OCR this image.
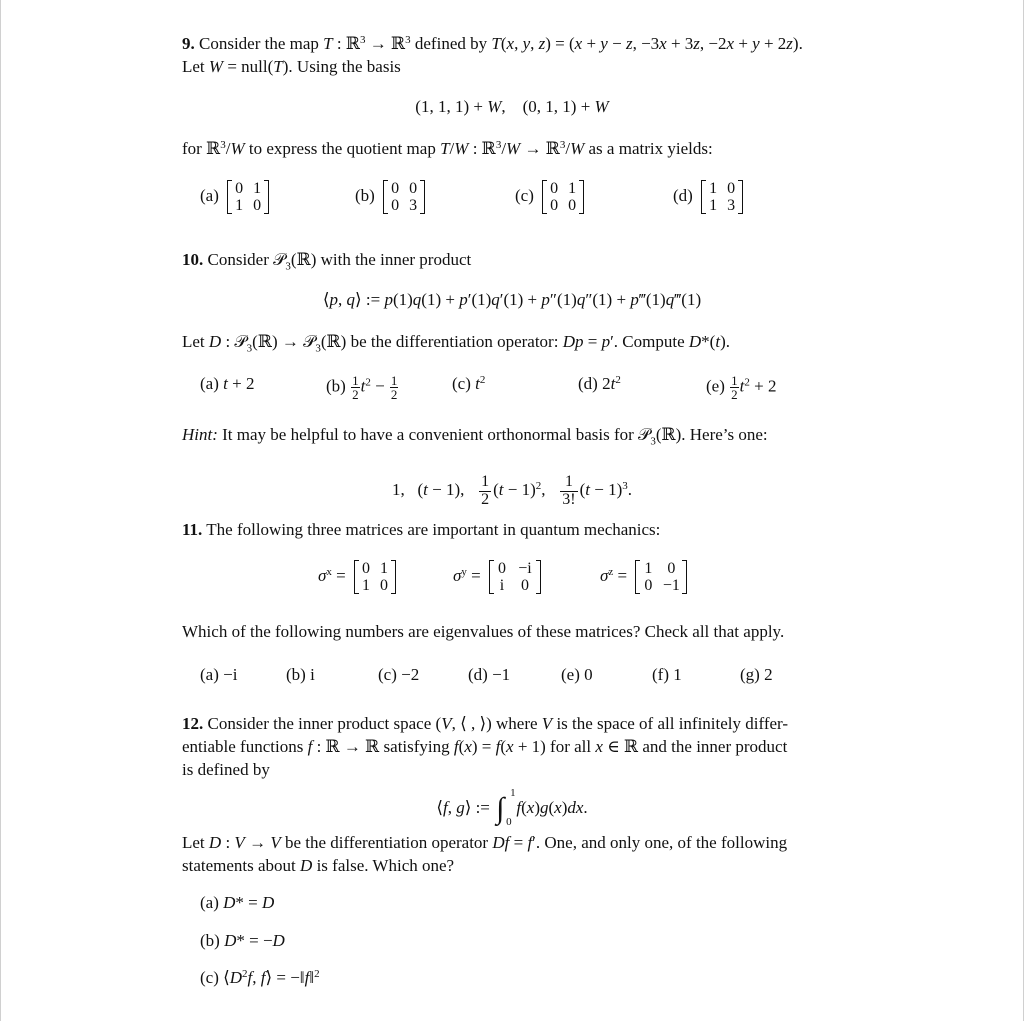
9. Consider the map T : ℝ$^3$ → ℝ$^3$ defined by T(x, y, z) = (x + y − z, −3x + 3z, −2x + y + 2z).
Let W = null(T). Using the basis
(1, 1, 1) + W,    (0, 1, 1) + W
for ℝ$^3$/W to express the quotient map T/W : ℝ$^3$/W → ℝ$^3$/W as a matrix yields:
(a)	0 1
1 0
(b)	0 0
0 3
(c)	0 1
0 0
(d)	1 0
1 3
10. Consider 𝒫$_3$(ℝ) with the inner product
⟨p, q⟩ := p(1)q(1) + p′(1)q′(1) + p″(1)q″(1) + p‴(1)q‴(1)
Let D : 𝒫$_3$(ℝ) → 𝒫$_3$(ℝ) be the differentiation operator: Dp = p′. Compute D*(t).
(a) t + 2	$(b) \frac{1}{2} t^2 - \frac{1}{2}$	(c) $t^2$	(d) $2t^2$	$(e) \frac{1}{2} t^2 + 2$
Hint: It may be helpful to have a convenient orthonormal basis for 𝒫$_3$(ℝ). Here’s one:
1,   (t − 1), $\frac{1}{2} (t - 1)^2$, $\frac{1}{3!} (t - 1)^3$.
11. The following three matrices are important in quantum mechanics:
$\sigma^x = 0$ 1
1 0
$\sigma^y = 0 -i$
i	0
$\sigma^z = 1$ 0
0 −1
Which of the following numbers are eigenvalues of these matrices? Check all that apply.
(a) −i	(b) i	(c) −2	(d) −1	(e) 0	(f) 1	(g) 2
12. Consider the inner product space (V, ⟨ , ⟩) where V is the space of all infinitely differ-
entiable functions f : ℝ → ℝ satisfying f(x) = f(x + 1) for all x ∈ ℝ and the inner product
is defined by
⟨f, g⟩ := ∫ 1
0
f(x)g(x)dx.
Let D : V → V be the differentiation operator Df = f′. One, and only one, of the following
statements about D is false. Which one?
(a) D* = D
(b) D* = −D
(c) $⟨D^2f$, f⟩ = −‖f‖$^2$
